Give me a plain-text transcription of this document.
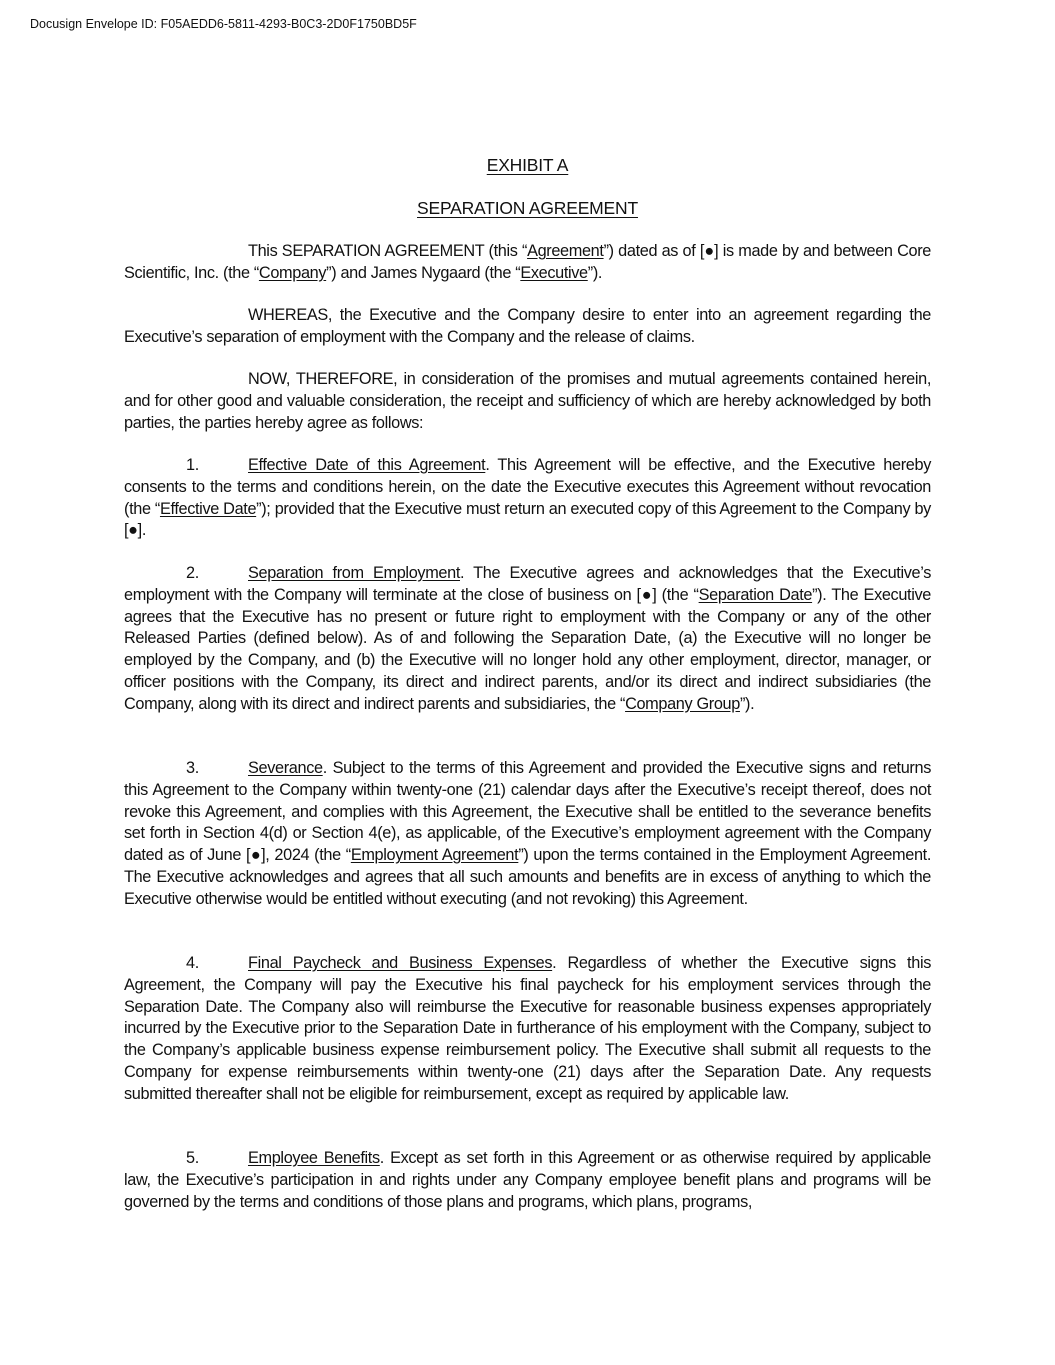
Docusign Envelope ID: F05AEDD6-5811-4293-B0C3-2D0F1750BD5F
EXHIBIT A
SEPARATION AGREEMENT

This SEPARATION AGREEMENT (this “Agreement”) dated as of [●] is made by and between Core Scientific, Inc. (the “Company”) and James Nygaard (the “Executive”).

WHEREAS, the Executive and the Company desire to enter into an agreement regarding the Executive’s separation of employment with the Company and the release of claims.

NOW, THEREFORE, in consideration of the promises and mutual agreements contained herein, and for other good and valuable consideration, the receipt and sufficiency of which are hereby acknowledged by both parties, the parties hereby agree as follows:

1.	Effective Date of this Agreement. This Agreement will be effective, and the Executive hereby consents to the terms and conditions herein, on the date the Executive executes this Agreement without revocation (the “Effective Date”); provided that the Executive must return an executed copy of this Agreement to the Company by [●].

2.	Separation from Employment. The Executive agrees and acknowledges that the Executive’s employment with the Company will terminate at the close of business on [●] (the “Separation Date”). The Executive agrees that the Executive has no present or future right to employment with the Company or any of the other Released Parties (defined below). As of and following the Separation Date, (a) the Executive will no longer be employed by the Company, and (b) the Executive will no longer hold any other employment, director, manager, or officer positions with the Company, its direct and indirect parents, and/or its direct and indirect subsidiaries (the Company, along with its direct and indirect parents and subsidiaries, the “Company Group”).

3.	Severance. Subject to the terms of this Agreement and provided the Executive signs and returns this Agreement to the Company within twenty-one (21) calendar days after the Executive’s receipt thereof, does not revoke this Agreement, and complies with this Agreement, the Executive shall be entitled to the severance benefits set forth in Section 4(d) or Section 4(e), as applicable, of the Executive’s employment agreement with the Company dated as of June [●], 2024 (the “Employment Agreement”) upon the terms contained in the Employment Agreement. The Executive acknowledges and agrees that all such amounts and benefits are in excess of anything to which the Executive otherwise would be entitled without executing (and not revoking) this Agreement.

4.	Final Paycheck and Business Expenses. Regardless of whether the Executive signs this Agreement, the Company will pay the Executive his final paycheck for his employment services through the Separation Date. The Company also will reimburse the Executive for reasonable business expenses appropriately incurred by the Executive prior to the Separation Date in furtherance of his employment with the Company, subject to the Company’s applicable business expense reimbursement policy. The Executive shall submit all requests to the Company for expense reimbursements within twenty-one (21) days after the Separation Date. Any requests submitted thereafter shall not be eligible for reimbursement, except as required by applicable law.

5.	Employee Benefits. Except as set forth in this Agreement or as otherwise required by applicable law, the Executive’s participation in and rights under any Company employee benefit plans and programs will be governed by the terms and conditions of those plans and programs, which plans, programs,
